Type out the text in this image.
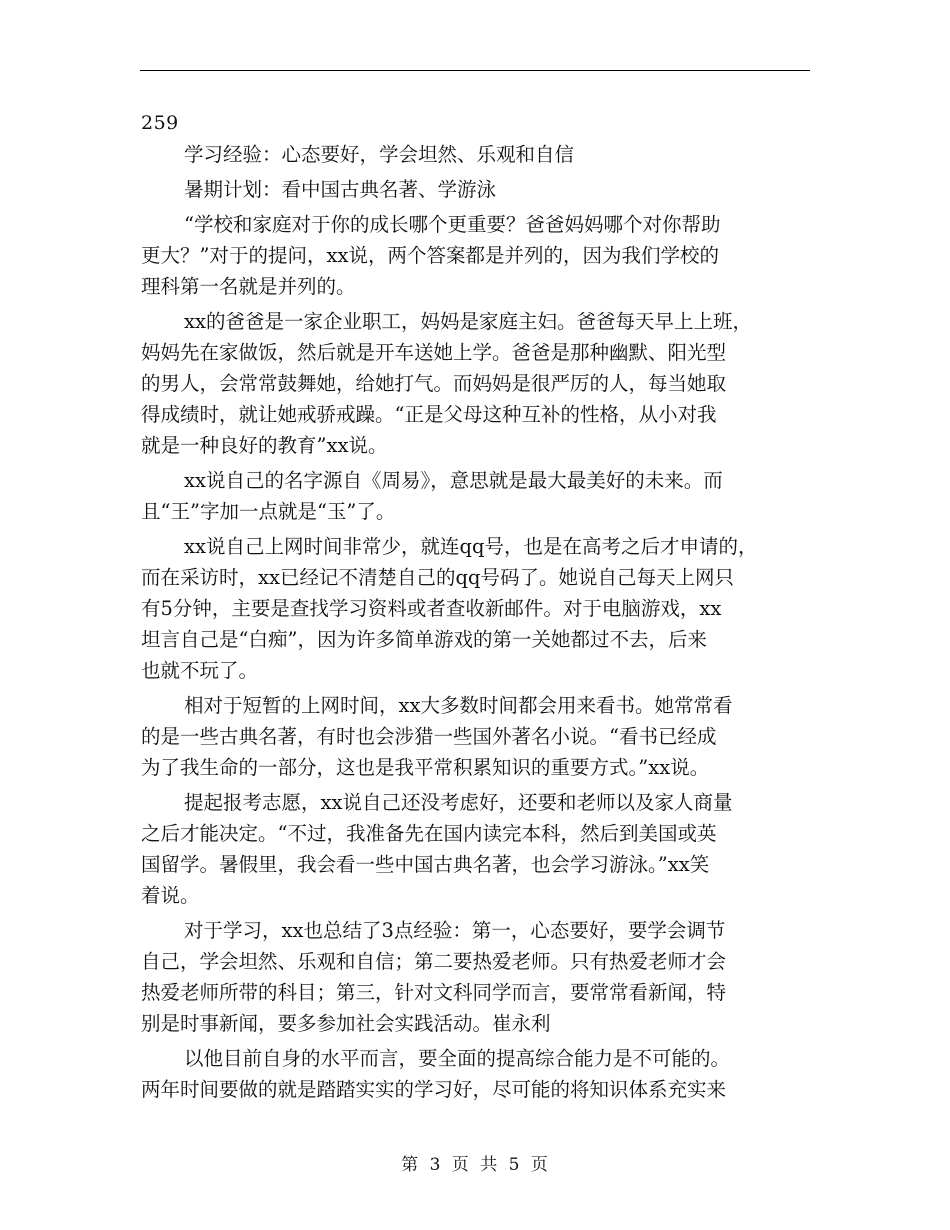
259
学习经验：心态要好，学会坦然、乐观和自信
暑期计划：看中国古典名著、学游泳
“学校和家庭对于你的成长哪个更重要？爸爸妈妈哪个对你帮助
更大？”对于的提问，xx说，两个答案都是并列的，因为我们学校的
理科第一名就是并列的。
xx的爸爸是一家企业职工，妈妈是家庭主妇。爸爸每天早上上班，
妈妈先在家做饭，然后就是开车送她上学。爸爸是那种幽默、阳光型
的男人，会常常鼓舞她，给她打气。而妈妈是很严厉的人，每当她取
得成绩时，就让她戒骄戒躁。“正是父母这种互补的性格，从小对我
就是一种良好的教育”xx说。
xx说自己的名字源自《周易》，意思就是最大最美好的未来。而
且“王”字加一点就是“玉”了。
xx说自己上网时间非常少，就连qq号，也是在高考之后才申请的，
而在采访时，xx已经记不清楚自己的qq号码了。她说自己每天上网只
有5分钟，主要是查找学习资料或者查收新邮件。对于电脑游戏，xx
坦言自己是“白痴”，因为许多简单游戏的第一关她都过不去，后来
也就不玩了。
相对于短暂的上网时间，xx大多数时间都会用来看书。她常常看
的是一些古典名著，有时也会涉猎一些国外著名小说。“看书已经成
为了我生命的一部分，这也是我平常积累知识的重要方式。”xx说。
提起报考志愿，xx说自己还没考虑好，还要和老师以及家人商量
之后才能决定。“不过，我准备先在国内读完本科，然后到美国或英
国留学。暑假里，我会看一些中国古典名著，也会学习游泳。”xx笑
着说。
对于学习，xx也总结了3点经验：第一，心态要好，要学会调节
自己，学会坦然、乐观和自信；第二要热爱老师。只有热爱老师才会
热爱老师所带的科目；第三，针对文科同学而言，要常常看新闻，特
别是时事新闻，要多参加社会实践活动。崔永利
以他目前自身的水平而言，要全面的提高综合能力是不可能的。
两年时间要做的就是踏踏实实的学习好，尽可能的将知识体系充实来
第 3 页 共 5 页
